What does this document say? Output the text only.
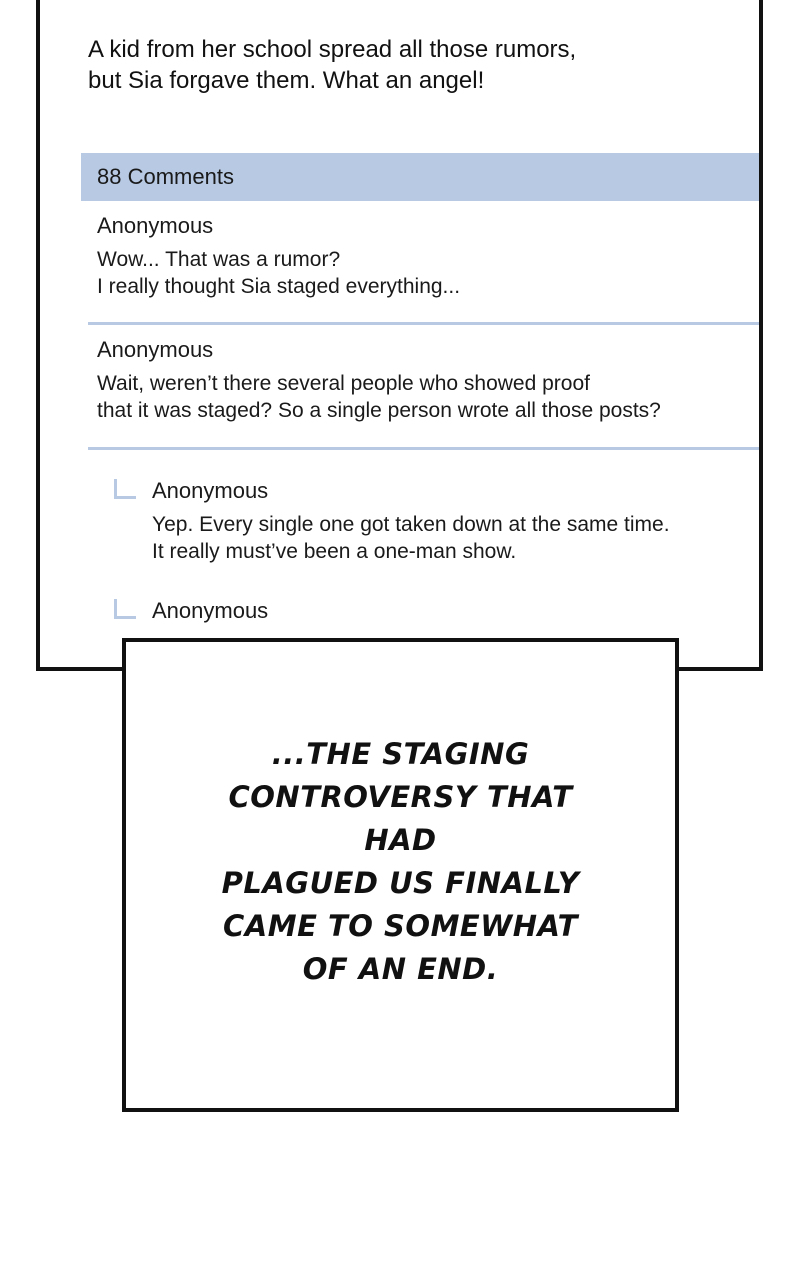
A kid from her school spread all those rumors,
but Sia forgave them. What an angel!
88 Comments
Anonymous
Wow... That was a rumor?
I really thought Sia staged everything...
Anonymous
Wait, weren’t there several people who showed proof
that it was staged? So a single person wrote all those posts?
Anonymous
Yep. Every single one got taken down at the same time.
It really must’ve been a one-man show.
Anonymous
...THE STAGING
CONTROVERSY THAT HAD
PLAGUED US FINALLY
CAME TO SOMEWHAT
OF AN END.
